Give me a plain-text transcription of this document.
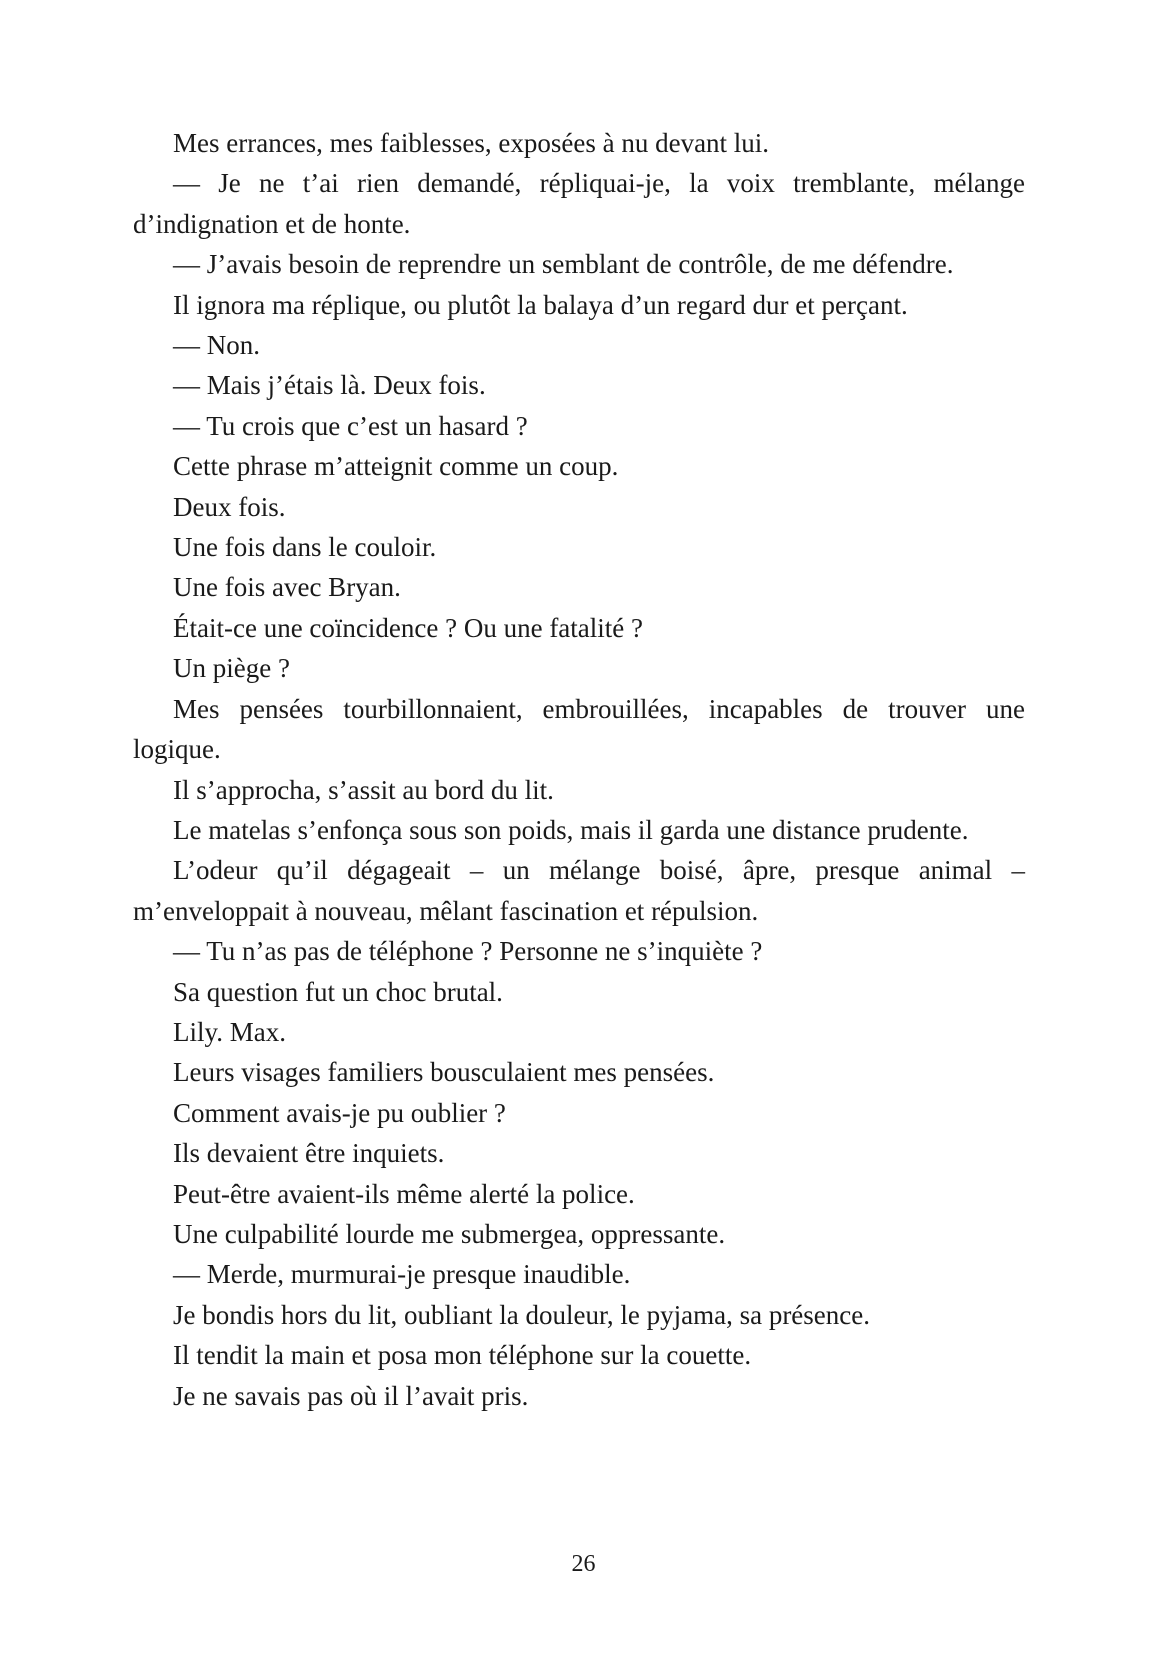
Mes errances, mes faiblesses, exposées à nu devant lui.

— Je ne t’ai rien demandé, répliquai-je, la voix tremblante, mélange d’indignation et de honte.

— J’avais besoin de reprendre un semblant de contrôle, de me défendre.

Il ignora ma réplique, ou plutôt la balaya d’un regard dur et perçant.

— Non.

— Mais j’étais là. Deux fois.

— Tu crois que c’est un hasard ?

Cette phrase m’atteignit comme un coup.

Deux fois.

Une fois dans le couloir.

Une fois avec Bryan.

Était-ce une coïncidence ? Ou une fatalité ?

Un piège ?

Mes pensées tourbillonnaient, embrouillées, incapables de trouver une logique.

Il s’approcha, s’assit au bord du lit.

Le matelas s’enfonça sous son poids, mais il garda une distance prudente.

L’odeur qu’il dégageait – un mélange boisé, âpre, presque animal – m’enveloppait à nouveau, mêlant fascination et répulsion.

— Tu n’as pas de téléphone ? Personne ne s’inquiète ?

Sa question fut un choc brutal.

Lily. Max.

Leurs visages familiers bousculaient mes pensées.

Comment avais-je pu oublier ?

Ils devaient être inquiets.

Peut-être avaient-ils même alerté la police.

Une culpabilité lourde me submergea, oppressante.

— Merde, murmurai-je presque inaudible.

Je bondis hors du lit, oubliant la douleur, le pyjama, sa présence.

Il tendit la main et posa mon téléphone sur la couette.

Je ne savais pas où il l’avait pris.

26
